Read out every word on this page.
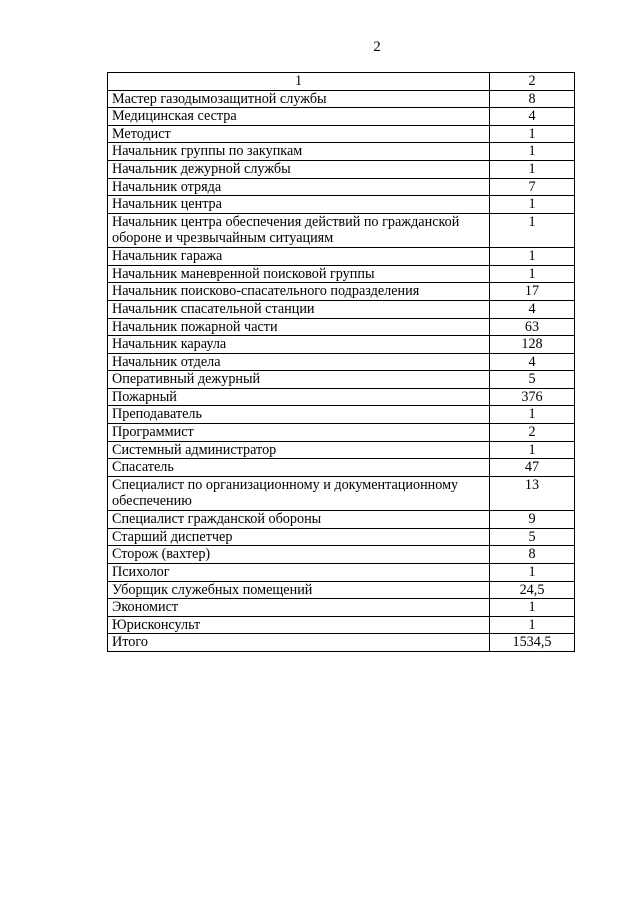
2
1	2
Мастер газодымозащитной службы	8
Медицинская сестра	4
Методист	1
Начальник группы по закупкам	1
Начальник дежурной службы	1
Начальник отряда	7
Начальник центра	1
Начальник центра обеспечения действий по гражданской обороне и чрезвычайным ситуациям	1
Начальник гаража	1
Начальник маневренной поисковой группы	1
Начальник поисково-спасательного подразделения	17
Начальник спасательной станции	4
Начальник пожарной части	63
Начальник караула	128
Начальник отдела	4
Оперативный дежурный	5
Пожарный	376
Преподаватель	1
Программист	2
Системный администратор	1
Спасатель	47
Специалист по организационному и документационному обеспечению	13
Специалист гражданской обороны	9
Старший диспетчер	5
Сторож (вахтер)	8
Психолог	1
Уборщик служебных помещений	24,5
Экономист	1
Юрисконсульт	1
Итого	1534,5
